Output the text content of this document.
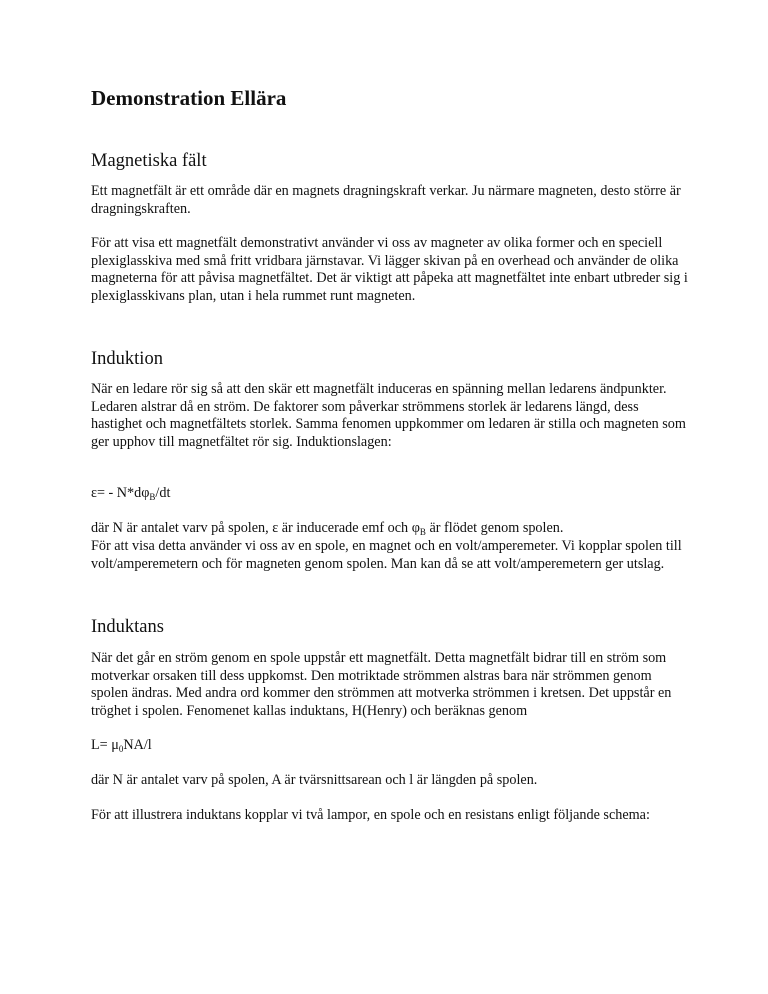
Demonstration Ellära
Magnetiska fält

Ett magnetfält är ett område där en magnets dragningskraft verkar. Ju närmare magneten, desto större är dragningskraften.

För att visa ett magnetfält demonstrativt använder vi oss av magneter av olika former och en speciell plexiglasskiva med små fritt vridbara järnstavar. Vi lägger skivan på en overhead och använder de olika magneterna för att påvisa magnetfältet. Det är viktigt att påpeka att magnetfältet inte enbart utbreder sig i plexiglasskivans plan, utan i hela rummet runt magneten.

Induktion

När en ledare rör sig så att den skär ett magnetfält induceras en spänning mellan ledarens ändpunkter. Ledaren alstrar då en ström. De faktorer som påverkar strömmens storlek är ledarens längd, dess hastighet och magnetfältets storlek. Samma fenomen uppkommer om ledaren är stilla och magneten som ger upphov till magnetfältet rör sig. Induktionslagen:

$\varepsilon= - N*d\varphi_B/dt$

där N är antalet varv på spolen, ε är inducerade emf och $\varphi_B$ är flödet genom spolen.

För att visa detta använder vi oss av en spole, en magnet och en volt/amperemeter. Vi kopplar spolen till volt/amperemetern och för magneten genom spolen. Man kan då se att volt/amperemetern ger utslag.

Induktans

När det går en ström genom en spole uppstår ett magnetfält. Detta magnetfält bidrar till en ström som motverkar orsaken till dess uppkomst. Den motriktade strömmen alstras bara när strömmen genom spolen ändras. Med andra ord kommer den strömmen att motverka strömmen i kretsen. Det uppstår en tröghet i spolen. Fenomenet kallas induktans, H(Henry) och beräknas genom

$L= \mu_0NA/l$

där N är antalet varv på spolen, A är tvärsnittsarean och l är längden på spolen.

För att illustrera induktans kopplar vi två lampor, en spole och en resistans enligt följande schema:
